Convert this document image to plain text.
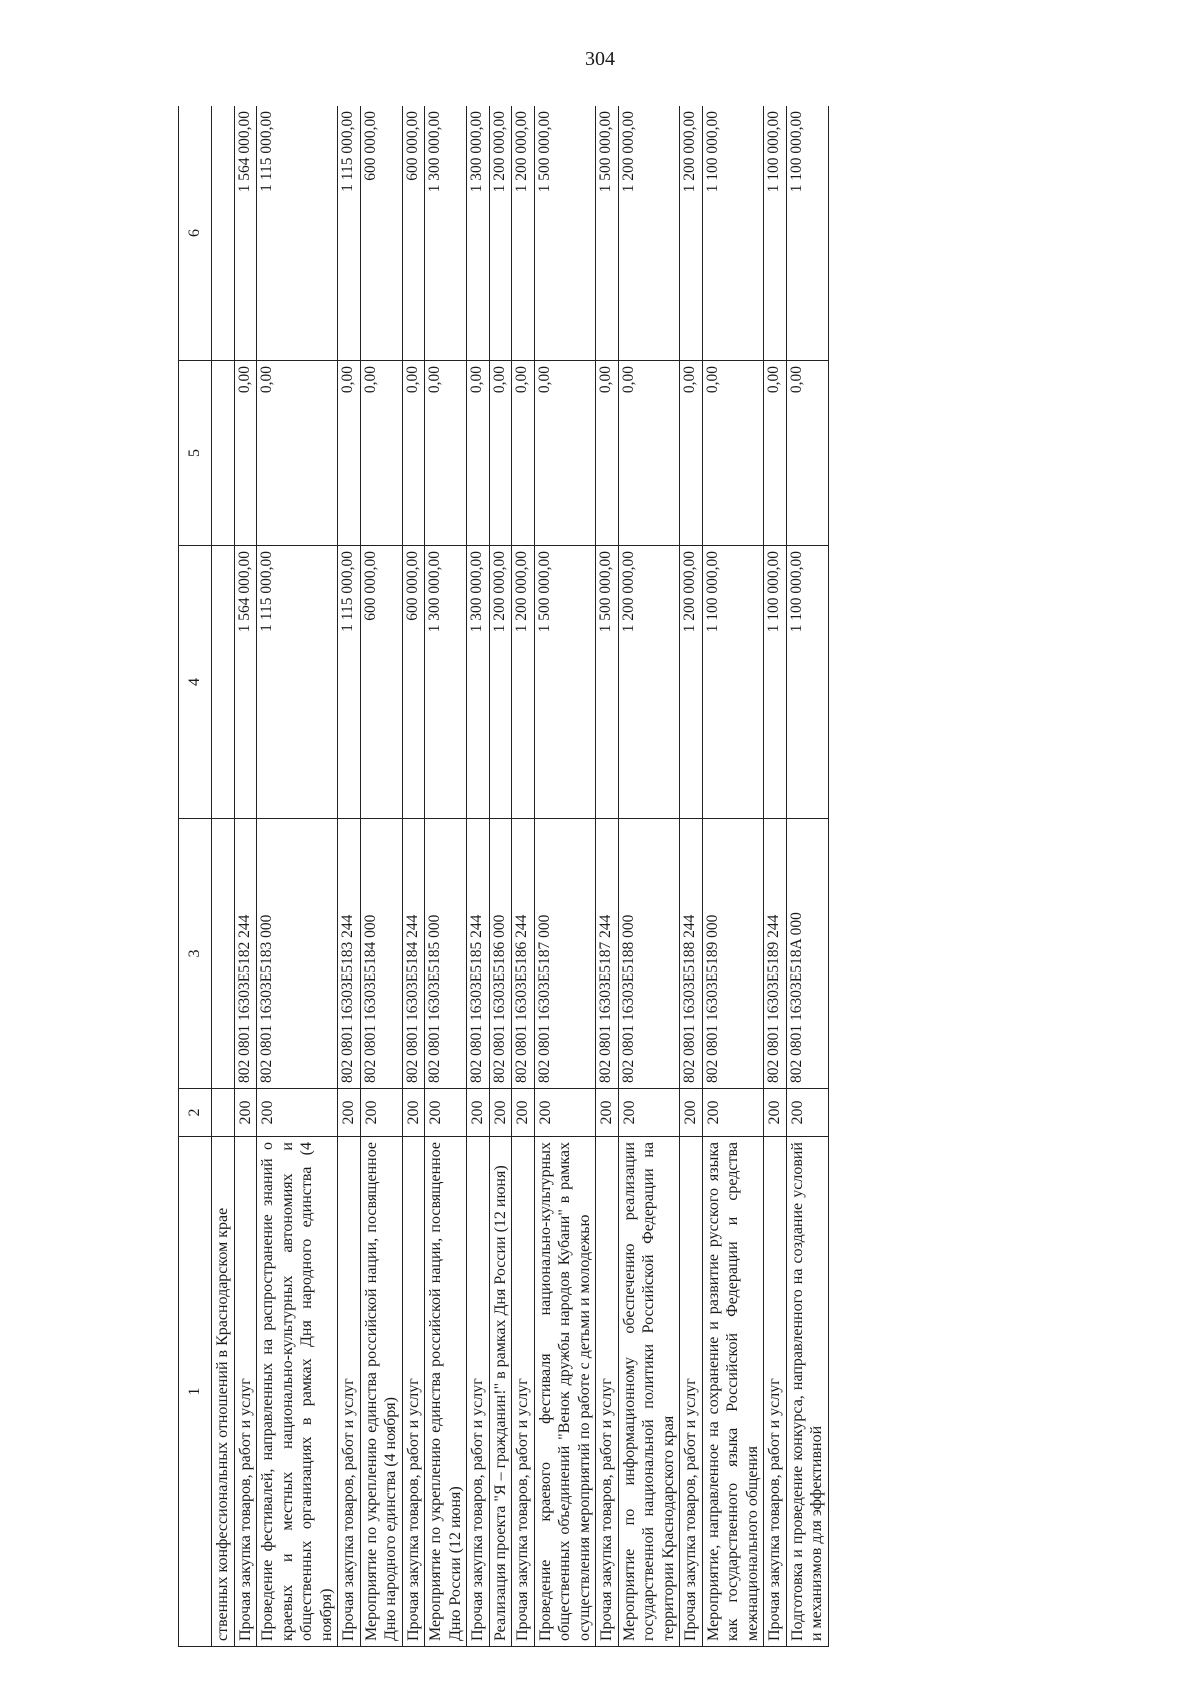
304
1	2	3	4	5	6
ственных конфессиональных отношений в Краснодарском крае					
Прочая закупка товаров, работ и услуг	200	802 0801 16303E5182 244	1 564 000,00	0,00	1 564 000,00
Проведение фестивалей, направленных на распространение знаний о краевых и местных национально-культурных автономиях и общественных организациях в рамках Дня народного единства (4 ноября)	200	802 0801 16303E5183 000	1 115 000,00	0,00	1 115 000,00
Прочая закупка товаров, работ и услуг	200	802 0801 16303E5183 244	1 115 000,00	0,00	1 115 000,00
Мероприятие по укреплению единства российской нации, посвященное Дню народного единства (4 ноября)	200	802 0801 16303E5184 000	600 000,00	0,00	600 000,00
Прочая закупка товаров, работ и услуг	200	802 0801 16303E5184 244	600 000,00	0,00	600 000,00
Мероприятие по укреплению единства российской нации, посвященное Дню России (12 июня)	200	802 0801 16303E5185 000	1 300 000,00	0,00	1 300 000,00
Прочая закупка товаров, работ и услуг	200	802 0801 16303E5185 244	1 300 000,00	0,00	1 300 000,00
Реализация проекта "Я – гражданин!" в рамках Дня России (12 июня)	200	802 0801 16303E5186 000	1 200 000,00	0,00	1 200 000,00
Прочая закупка товаров, работ и услуг	200	802 0801 16303E5186 244	1 200 000,00	0,00	1 200 000,00
Проведение краевого фестиваля национально-культурных общественных объединений "Венок дружбы народов Кубани" в рамках осуществления мероприятий по работе с детьми и молодежью	200	802 0801 16303E5187 000	1 500 000,00	0,00	1 500 000,00
Прочая закупка товаров, работ и услуг	200	802 0801 16303E5187 244	1 500 000,00	0,00	1 500 000,00
Мероприятие по информационному обеспечению реализации государственной национальной политики Российской Федерации на территории Краснодарского края	200	802 0801 16303E5188 000	1 200 000,00	0,00	1 200 000,00
Прочая закупка товаров, работ и услуг	200	802 0801 16303E5188 244	1 200 000,00	0,00	1 200 000,00
Мероприятие, направленное на сохранение и развитие русского языка как государственного языка Российской Федерации и средства межнационального общения	200	802 0801 16303E5189 000	1 100 000,00	0,00	1 100 000,00
Прочая закупка товаров, работ и услуг	200	802 0801 16303E5189 244	1 100 000,00	0,00	1 100 000,00
Подготовка и проведение конкурса, направленного на создание условий и механизмов для эффективной	200	802 0801 16303E518A 000	1 100 000,00	0,00	1 100 000,00
